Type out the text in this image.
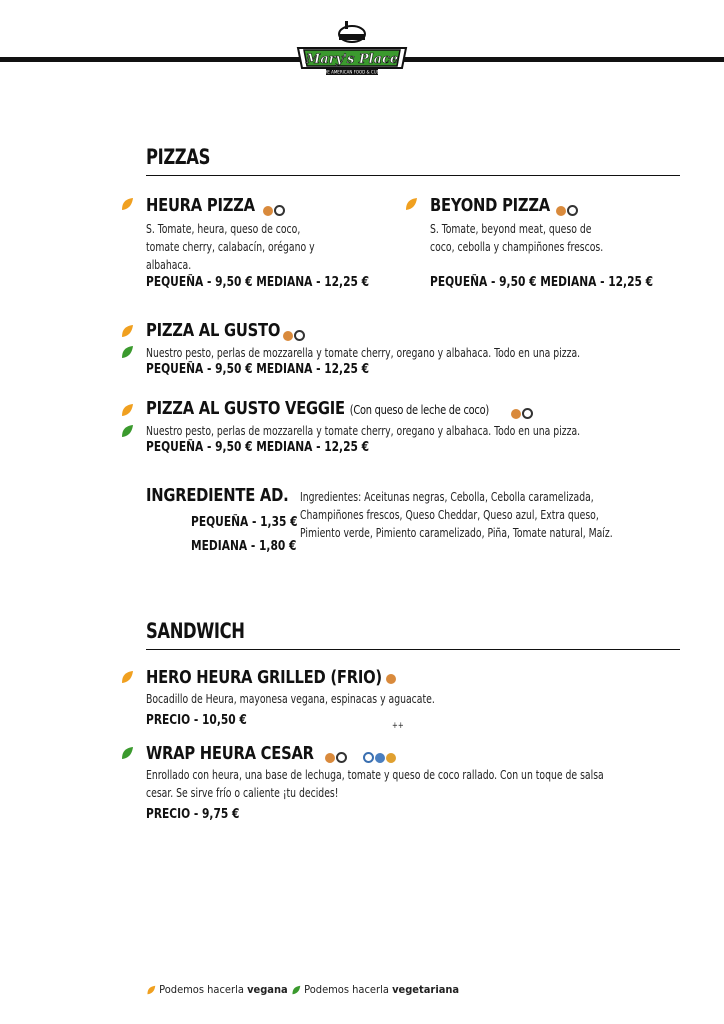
Mary's Place
THE AMERICAN FOOD & CUBA
PIZZAS
HEURA PIZZA
S. Tomate, heura, queso de coco, tomate cherry, calabacín, orégano y albahaca.
PEQUEÑA - 9,50 € MEDIANA - 12,25 €
BEYOND PIZZA
S. Tomate, beyond meat, queso de coco, cebolla y champiñones frescos.
PEQUEÑA - 9,50 € MEDIANA - 12,25 €
PIZZA AL GUSTO
Nuestro pesto, perlas de mozzarella y tomate cherry, oregano y albahaca. Todo en una pizza.
PEQUEÑA - 9,50 € MEDIANA - 12,25 €
PIZZA AL GUSTO VEGGIE (Con queso de leche de coco)
Nuestro pesto, perlas de mozzarella y tomate cherry, oregano y albahaca. Todo en una pizza.
PEQUEÑA - 9,50 € MEDIANA - 12,25 €
INGREDIENTE AD.
PEQUEÑA - 1,35 €
MEDIANA - 1,80 €
Ingredientes: Aceitunas negras, Cebolla, Cebolla caramelizada, Champiñones frescos, Queso Cheddar, Queso azul, Extra queso, Pimiento verde, Pimiento caramelizado, Piña, Tomate natural, Maíz.
SANDWICH
HERO HEURA GRILLED (FRIO)
Bocadillo de Heura, mayonesa vegana, espinacas y aguacate.
PRECIO - 10,50 €	++
WRAP HEURA CESAR

Enrollado con heura, una base de lechuga, tomate y queso de coco rallado. Con un toque de salsa cesar. Se sirve frío o caliente ¡tu decides!
PRECIO - 9,75 €
Podemos hacerla vegana	Podemos hacerla vegetariana
